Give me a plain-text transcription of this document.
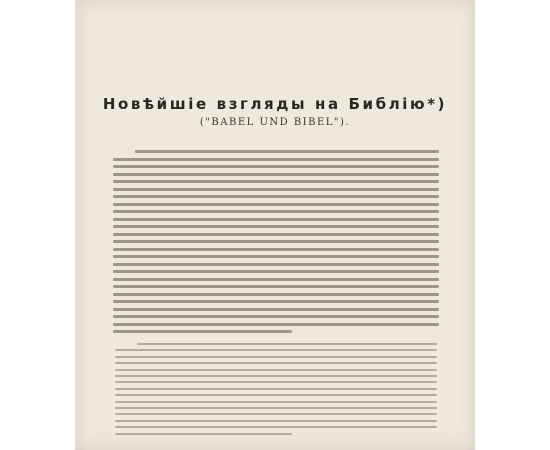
Новѣйшiе взгляды на Библiю*)

("BABEL UND BIBEL").
